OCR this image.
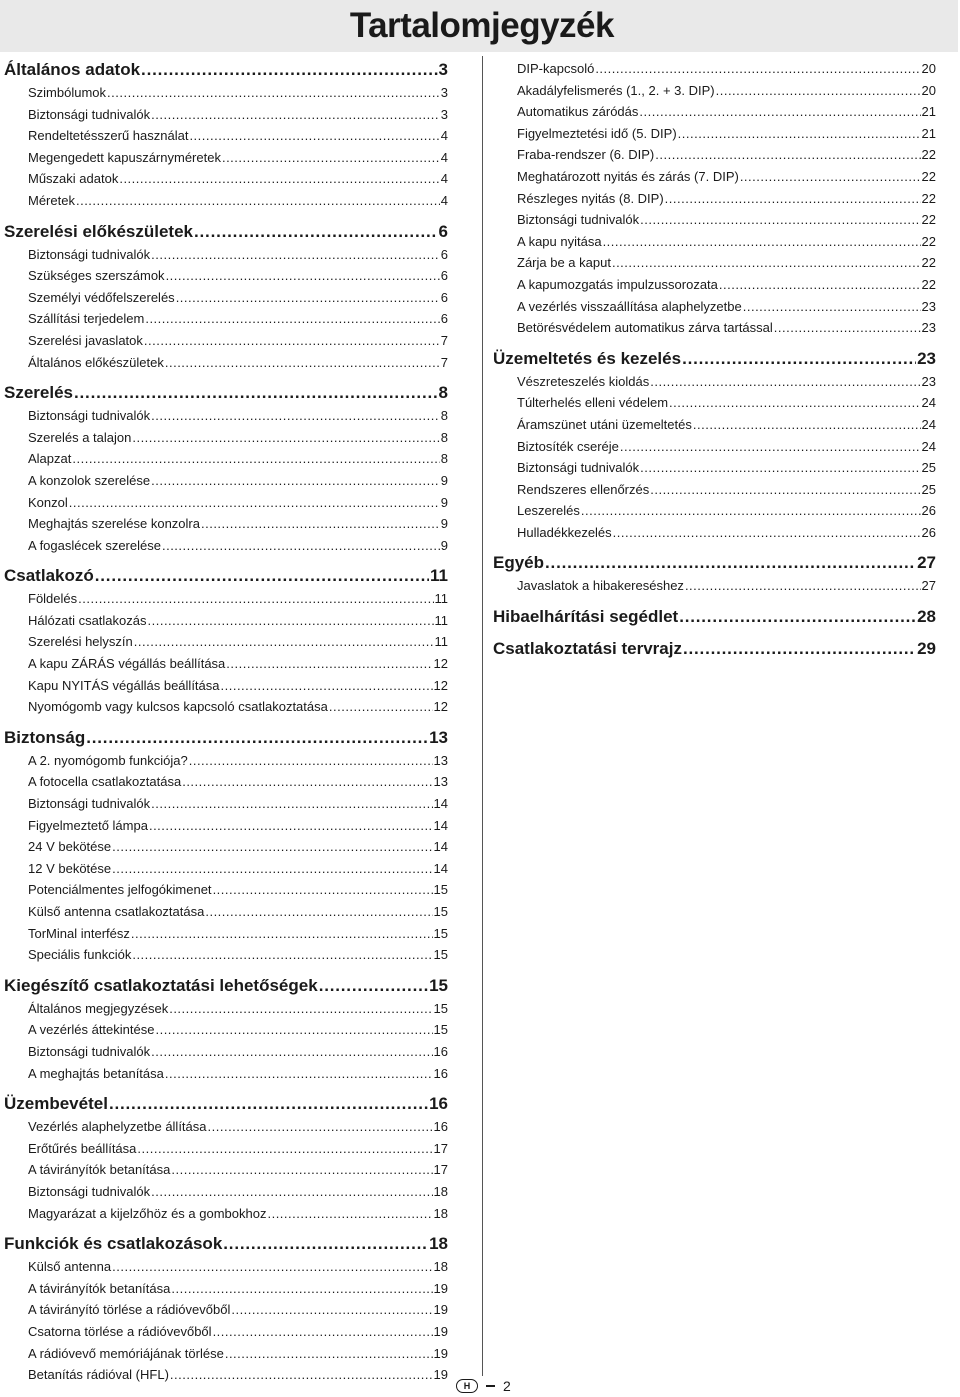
Tartalomjegyzék
Általános adatok .....	3
Szimbólumok .....	3
Biztonsági tudnivalók .....	3
Rendeltetésszerű használat .....	4
Megengedett kapuszárnyméretek .....	4
Műszaki adatok .....	4
Méretek .....	4
Szerelési előkészületek .....	6
Biztonsági tudnivalók .....	6
Szükséges szerszámok .....	6
Személyi védőfelszerelés .....	6
Szállítási terjedelem .....	6
Szerelési javaslatok .....	7
Általános előkészületek .....	7
Szerelés .....	8
Biztonsági tudnivalók .....	8
Szerelés a talajon .....	8
Alapzat .....	8
A konzolok szerelése .....	9
Konzol .....	9
Meghajtás szerelése konzolra .....	9
A fogaslécek szerelése .....	9
Csatlakozó .....	11
Földelés .....	11
Hálózati csatlakozás .....	11
Szerelési helyszín .....	11
A kapu ZÁRÁS végállás beállítása .....	12
Kapu NYITÁS végállás beállítása .....	12
Nyomógomb vagy kulcsos kapcsoló csatlakoztatása .....	12
Biztonság .....	13
A 2. nyomógomb funkciója? .....	13
A fotocella csatlakoztatása .....	13
Biztonsági tudnivalók .....	14
Figyelmeztető lámpa .....	14
24 V bekötése .....	14
12 V bekötése .....	14
Potenciálmentes jelfogókimenet .....	15
Külső antenna csatlakoztatása .....	15
TorMinal interfész .....	15
Speciális funkciók .....	15
Kiegészítő csatlakoztatási lehetőségek .....	15
Általános megjegyzések .....	15
A vezérlés áttekintése .....	15
Biztonsági tudnivalók .....	16
A meghajtás betanítása .....	16
Üzembevétel .....	16
Vezérlés alaphelyzetbe állítása .....	16
Erőtűrés beállítása .....	17
A távirányítók betanítása .....	17
Biztonsági tudnivalók .....	18
Magyarázat a kijelzőhöz és a gombokhoz .....	18
Funkciók és csatlakozások .....	18
Külső antenna .....	18
A távirányítók betanítása .....	19
A távirányító törlése a rádióvevőből .....	19
Csatorna törlése a rádióvevőből .....	19
A rádióvevő memóriájának törlése .....	19
Betanítás rádióval (HFL) .....	19
DIP-kapcsoló .....	20
Akadályfelismerés (1., 2. + 3. DIP) .....	20
Automatikus záródás .....	21
Figyelmeztetési idő (5. DIP) .....	21
Fraba-rendszer (6. DIP) .....	22
Meghatározott nyitás és zárás (7. DIP) .....	22
Részleges nyitás (8. DIP) .....	22
Biztonsági tudnivalók .....	22
A kapu nyitása .....	22
Zárja be a kaput .....	22
A kapumozgatás impulzussorozata .....	22
A vezérlés visszaállítása alaphelyzetbe .....	23
Betörésvédelem automatikus zárva tartással .....	23
Üzemeltetés és kezelés .....	23
Vészreteszelés kioldás .....	23
Túlterhelés elleni védelem .....	24
Áramszünet utáni üzemeltetés .....	24
Biztosíték cseréje .....	24
Biztonsági tudnivalók .....	25
Rendszeres ellenőrzés .....	25
Leszerelés .....	26
Hulladékkezelés .....	26
Egyéb .....	27
Javaslatok a hibakereséshez .....	27
Hibaelhárítási segédlet .....	28
Csatlakoztatási tervrajz .....	29
H	2
